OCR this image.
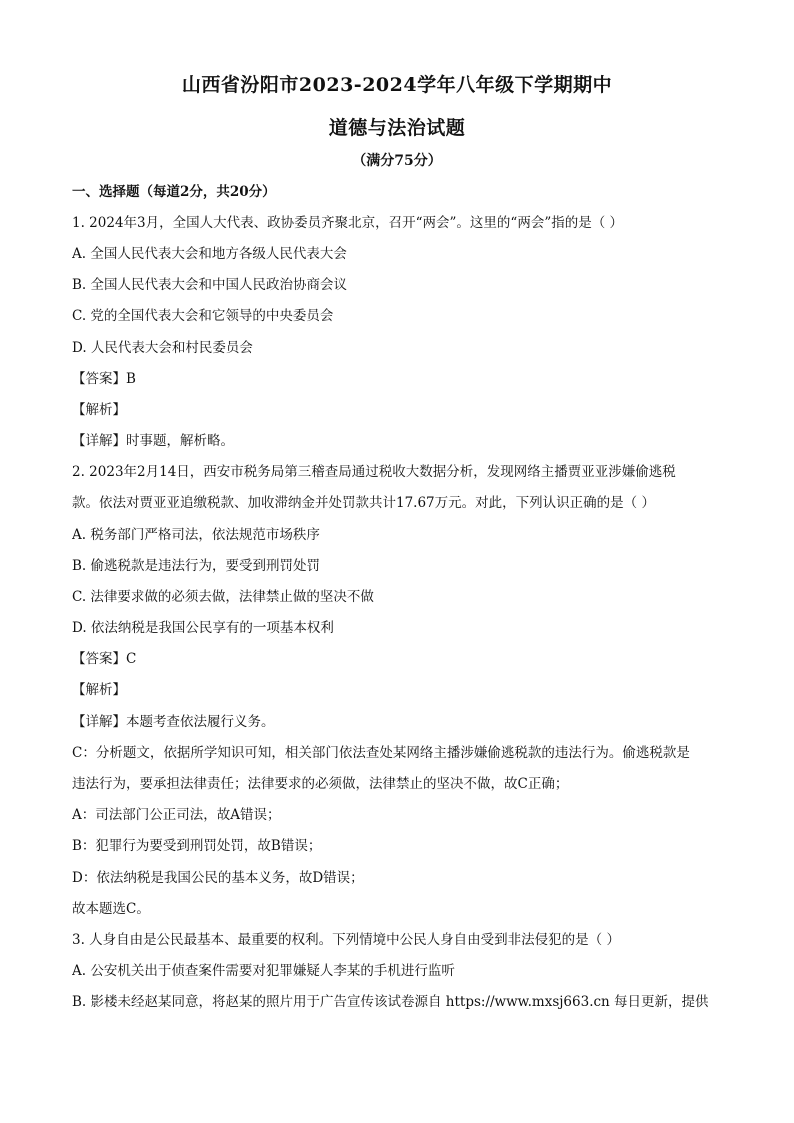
山西省汾阳市2023-2024学年八年级下学期期中
道德与法治试题
（满分75分）
一、选择题（每道2分，共20分）
1. 2024年3月，全国人大代表、政协委员齐聚北京，召开“两会”。这里的“两会”指的是（ ）
A. 全国人民代表大会和地方各级人民代表大会
B. 全国人民代表大会和中国人民政治协商会议
C. 党的全国代表大会和它领导的中央委员会
D. 人民代表大会和村民委员会
【答案】B
【解析】
【详解】时事题，解析略。
2. 2023年2月14日，西安市税务局第三稽查局通过税收大数据分析，发现网络主播贾亚亚涉嫌偷逃税
款。依法对贾亚亚追缴税款、加收滞纳金并处罚款共计17.67万元。对此，下列认识正确的是（ ）
A. 税务部门严格司法，依法规范市场秩序
B. 偷逃税款是违法行为，要受到刑罚处罚
C. 法律要求做的必须去做，法律禁止做的坚决不做
D. 依法纳税是我国公民享有的一项基本权利
【答案】C
【解析】
【详解】本题考查依法履行义务。
C：分析题文，依据所学知识可知，相关部门依法查处某网络主播涉嫌偷逃税款的违法行为。偷逃税款是
违法行为，要承担法律责任；法律要求的必须做，法律禁止的坚决不做，故C正确；
A：司法部门公正司法，故A错误；
B：犯罪行为要受到刑罚处罚，故B错误；
D：依法纳税是我国公民的基本义务，故D错误；
故本题选C。
3. 人身自由是公民最基本、最重要的权利。下列情境中公民人身自由受到非法侵犯的是（ ）
A. 公安机关出于侦查案件需要对犯罪嫌疑人李某的手机进行监听
B. 影楼未经赵某同意，将赵某的照片用于广告宣传该试卷源自 https://www.mxsj663.cn 每日更新，提供
